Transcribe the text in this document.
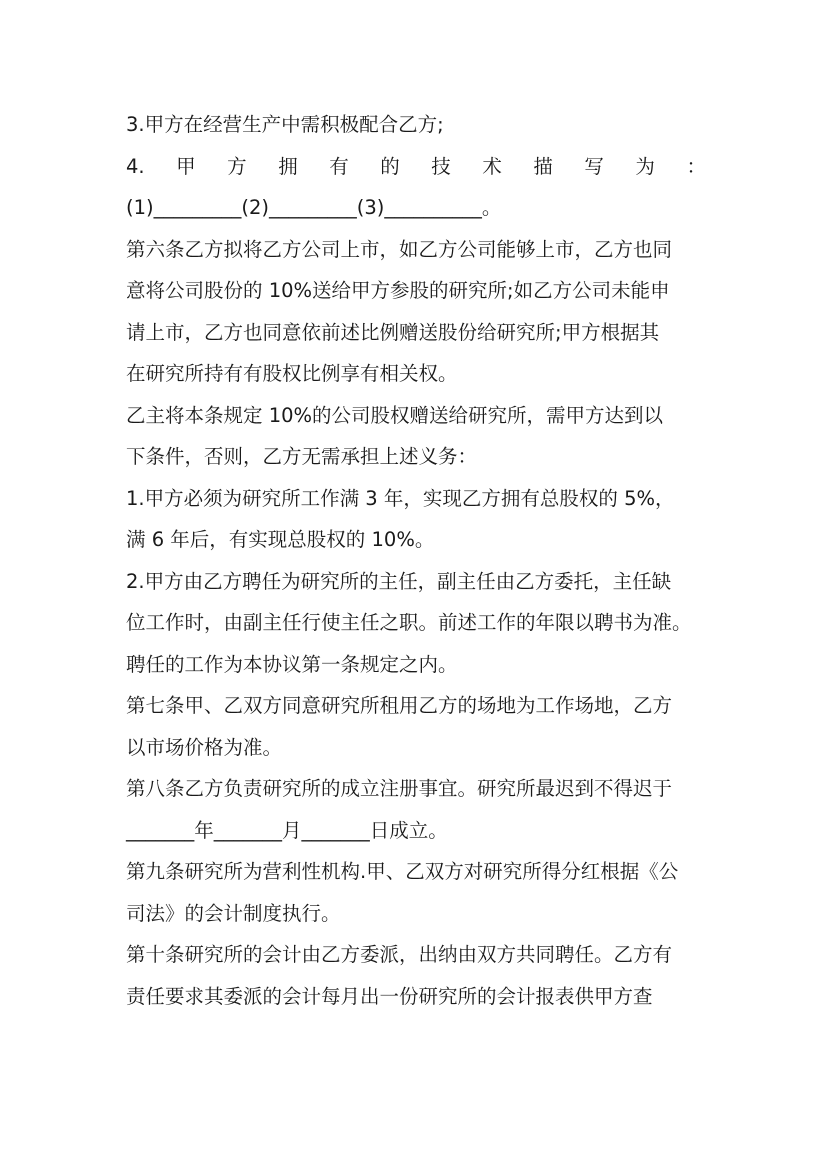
3.甲方在经营生产中需积极配合乙方;
4. 甲 方 拥 有 的 技 术 描 写 为 ：
(1)_________(2)_________(3)__________。
第六条乙方拟将乙方公司上市，如乙方公司能够上市，乙方也同
意将公司股份的 10%送给甲方参股的研究所;如乙方公司未能申
请上市，乙方也同意依前述比例赠送股份给研究所;甲方根据其
在研究所持有有股权比例享有相关权。
乙主将本条规定 10%的公司股权赠送给研究所，需甲方达到以
下条件，否则，乙方无需承担上述义务：
1.甲方必须为研究所工作满 3 年，实现乙方拥有总股权的 5%，
满 6 年后，有实现总股权的 10%。
2.甲方由乙方聘任为研究所的主任，副主任由乙方委托，主任缺
位工作时，由副主任行使主任之职。前述工作的年限以聘书为准。
聘任的工作为本协议第一条规定之内。
第七条甲、乙双方同意研究所租用乙方的场地为工作场地，乙方
以市场价格为准。
第八条乙方负责研究所的成立注册事宜。研究所最迟到不得迟于
_______年_______月_______日成立。
第九条研究所为营利性机构.甲、乙双方对研究所得分红根据《公
司法》的会计制度执行。
第十条研究所的会计由乙方委派，出纳由双方共同聘任。乙方有
责任要求其委派的会计每月出一份研究所的会计报表供甲方查
